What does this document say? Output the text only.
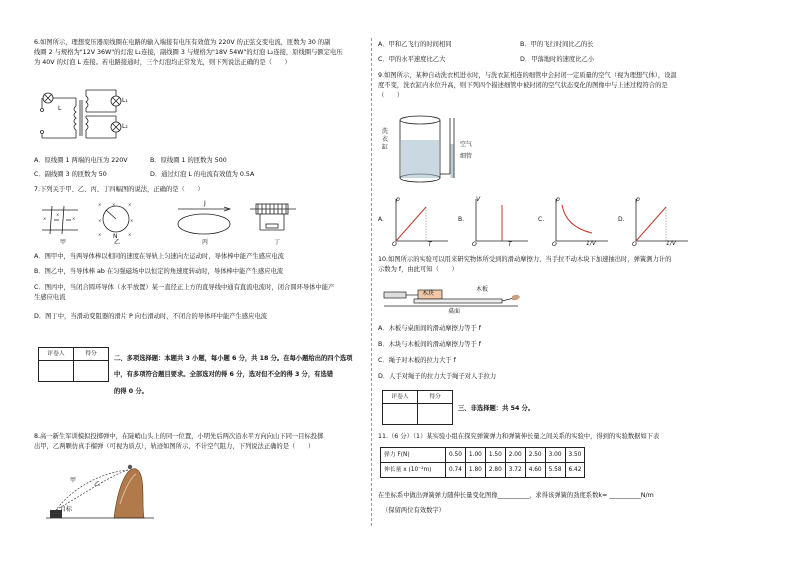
6.如图所示，理想变压器原线圈在电路的输入端接有电压有效值为 220V 的正弦交变电流，匝数为 30 的副

线圈 2 与规格为"12V 36W"的灯泡 L₁连接，副线圈 3 与规格为"18V 54W"的灯泡 L₂连接，原线圈与额定电压

为 40V 的灯泡 L 连接。若电路接通时，三个灯泡均正常发光，则下列说法正确的是（　　）

L
L₁
L₂
A．原线圈 1 两端的电压为 220V	B．原线圈 1 的匝数为 500
C．副线圈 3 的匝数为 50	D．通过灯泡 L 的电流有效值为 0.5A
7.下列关于甲、乙、丙、丁四幅图的说法，正确的是（　　）
×	×
×
×	×	×
×	×
×	×
N
J
甲	乙	丙	丁
A．图甲中，当两导体棒以相同的速度在导轨上匀速向左运动时，导体棒中能产生感应电流
B．图乙中，当导体棒 ab 在匀强磁场中以恒定的角速度转动时，导体棒中能产生感应电流

C．图丙中，当闭合圆环导体（水平放置）某一直径正上方的直导线中通有直流电流时，闭合圆环导体中能产

生感应电流

D．图丁中，当滑动变阻器的滑片 P 向右滑动时，不闭合的导体环中能产生感应电流
评卷人	得分

二、多项选择题：本题共 3 小题，每小题 6 分，共 18 分。在每小题给出的四个选项

中，有多项符合题目要求。全部选对的得 6 分，选对但不全的得 3 分，有选错

的得 0 分。

8.高一新生军训模拟投掷弹中，在陡峭山头上的同一位置，小明先后两次沿水平方向向山下同一目标投掷

出甲，乙两颗仿真手榴弹（可视为质点），轨迹如图所示，不计空气阻力，下列说法正确的是（　　）

甲
乙
目标
A．甲和乙飞行的时间相同	B．甲的飞行时间比乙的长
C．甲的水平速度比乙大	D．甲落地时的速度比乙小

9.如图所示，某种自动洗衣机进水时，与洗衣缸相连的细管中会封闭一定质量的空气（视为理想气体），设温

度不变，洗衣缸内水位升高，则下列四个描述细管中被封闭的空气状态变化的图像中与上述过程符合的是

（　　）

洗
衣
缸	空气
细管
A.
p
O	T
B.
V
O	T
C.
p
O	1/V
D.
p
O	1/V

10.如图所示的实验可以用来研究物体所受到的滑动摩擦力，当手拉不动木块下加速抽出时，弹簧测力计的

示数为 f，由此可知（　　）

木块
木板
桌面
A．木板与桌面间的滑动摩擦力等于 f
B．木块与木板间的滑动摩擦力等于 f
C．绳子对木板的拉力大于 f
D．人手对绳子的拉力大于绳子对人手拉力
评卷人	得分

三、非选择题：共 54 分。
11.（6 分）（1）某实验小组在探究弹簧弹力和弹簧伸长量之间关系的实验中，得到的实验数据如下表
弹力 F(N)	0.50	1.00	1.50	2.00	2.50	3.00	3.50
伸长量 x (10⁻²m)	0.74	1.80	2.80	3.72	4.60	5.58	6.42
在坐标系中做出弹簧弹力随伸长量变化图像__________，求得该弹簧的劲度系数k= __________N/m
（保留两位有效数字）
